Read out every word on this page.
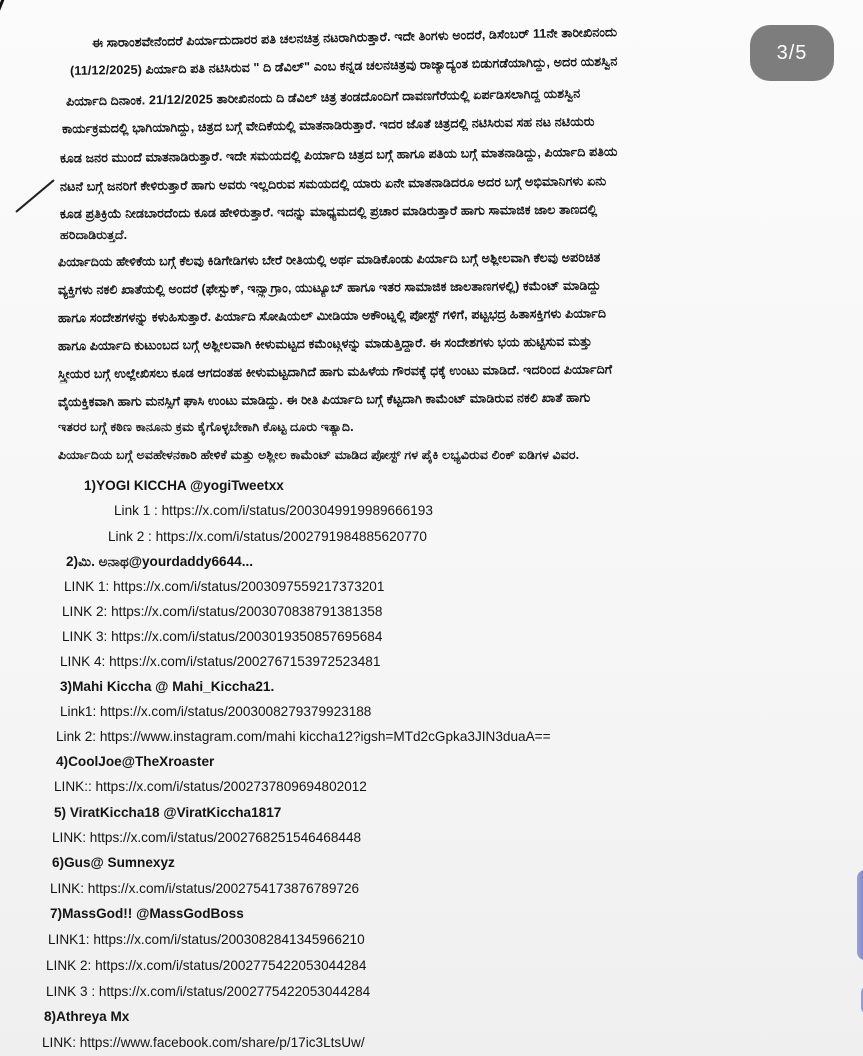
ಈ ಸಾರಾಂಶವೇನೆಂದರೆ ಪಿರ್ಯಾದುದಾರರ ಪತಿ ಚಲನಚಿತ್ರ ನಟರಾಗಿರುತ್ತಾರೆ. ಇದೇ ತಿಂಗಳು ಅಂದರೆ, ಡಿಸೆಂಬರ್ 11ನೇ ತಾರೀಖಿನಂದು
(11/12/2025) ಪಿರ್ಯಾದಿ ಪತಿ ನಟಿಸಿರುವ " ದಿ ಡೆವಿಲ್" ಎಂಬ ಕನ್ನಡ ಚಲನಚಿತ್ರವು ರಾಜ್ಯಾದ್ಯಂತ ಬಿಡುಗಡೆಯಾಗಿದ್ದು, ಅದರ ಯಶಸ್ವಿನ
ಪಿರ್ಯಾದಿ ದಿನಾಂಕ. 21/12/2025 ತಾರೀಖಿನಂದು ದಿ ಡೆವಿಲ್ ಚಿತ್ರ ತಂಡದೊಂದಿಗೆ ದಾವಣಗೆರೆಯಲ್ಲಿ ಏರ್ಪಡಿಸಲಾಗಿದ್ದ ಯಶಸ್ವಿನ
ಕಾರ್ಯಕ್ರಮದಲ್ಲಿ ಭಾಗಿಯಾಗಿದ್ದು, ಚಿತ್ರದ ಬಗ್ಗೆ ವೇದಿಕೆಯಲ್ಲಿ ಮಾತನಾಡಿರುತ್ತಾರೆ. ಇದರ ಜೊತೆ ಚಿತ್ರದಲ್ಲಿ ನಟಿಸಿರುವ ಸಹ ನಟ ನಟಿಯರು
ಕೂಡ ಜನರ ಮುಂದೆ ಮಾತನಾಡಿರುತ್ತಾರೆ. ಇದೇ ಸಮಯದಲ್ಲಿ ಪಿರ್ಯಾದಿ ಚಿತ್ರದ ಬಗ್ಗೆ ಹಾಗೂ ಪತಿಯ ಬಗ್ಗೆ ಮಾತನಾಡಿದ್ದು, ಪಿರ್ಯಾದಿ ಪತಿಯ
ನಟನೆ ಬಗ್ಗೆ ಜನರಿಗೆ ಕೇಳಿರುತ್ತಾರೆ ಹಾಗು ಅವರು ಇಲ್ಲದಿರುವ ಸಮಯದಲ್ಲಿ ಯಾರು ಏನೇ ಮಾತನಾಡಿದರೂ ಅದರ ಬಗ್ಗೆ ಅಭಿಮಾನಿಗಳು ಏನು
ಕೂಡ ಪ್ರತಿಕ್ರಿಯೆ ನೀಡಬಾರದೆಂದು ಕೂಡ ಹೇಳಿರುತ್ತಾರೆ. ಇದನ್ನು ಮಾಧ್ಯಮದಲ್ಲಿ ಪ್ರಚಾರ ಮಾಡಿರುತ್ತಾರೆ ಹಾಗು ಸಾಮಾಜಿಕ ಜಾಲ ತಾಣದಲ್ಲಿ
ಹರಿದಾಡಿರುತ್ತದೆ.
ಪಿರ್ಯಾದಿಯ ಹೇಳಿಕೆಯ ಬಗ್ಗೆ ಕೆಲವು ಕಿಡಿಗೇಡಿಗಳು ಬೇರೆ ರೀತಿಯಲ್ಲಿ ಅರ್ಥ ಮಾಡಿಕೊಂಡು ಪಿರ್ಯಾದಿ ಬಗ್ಗೆ ಅಶ್ಲೀಲವಾಗಿ ಕೆಲವು ಅಪರಿಚಿತ
ವ್ಯಕ್ತಿಗಳು ನಕಲಿ ಖಾತೆಯಲ್ಲಿ ಅಂದರೆ (ಫೇಸ್ಬುಕ್, ಇನ್ಸ್ಟಾಗ್ರಾಂ, ಯುಟ್ಯೂಬ್ ಹಾಗೂ ಇತರ ಸಾಮಾಜಿಕ ಜಾಲತಾಣಗಳಲ್ಲಿ) ಕಮೆಂಟ್ ಮಾಡಿದ್ದು
ಹಾಗೂ ಸಂದೇಶಗಳನ್ನು ಕಳುಹಿಸುತ್ತಾರೆ. ಪಿರ್ಯಾದಿ ಸೋಷಿಯಲ್ ಮೀಡಿಯಾ ಅಕೌಂಟ್ನಲ್ಲಿ ಪೋಸ್ಟ್ ಗಳಿಗೆ, ಪಟ್ಟಭದ್ರ ಹಿತಾಸಕ್ತಿಗಳು ಪಿರ್ಯಾದಿ
ಹಾಗೂ ಪಿರ್ಯಾದಿ ಕುಟುಂಬದ ಬಗ್ಗೆ ಅಶ್ಲೀಲವಾಗಿ ಕೀಳುಮಟ್ಟದ ಕಮೆಂಟ್ಗಳನ್ನು ಮಾಡುತ್ತಿದ್ದಾರೆ. ಈ ಸಂದೇಶಗಳು ಭಯ ಹುಟ್ಟಿಸುವ ಮತ್ತು
ಸ್ತ್ರೀಯರ ಬಗ್ಗೆ ಉಲ್ಲೇಖಿಸಲು ಕೂಡ ಆಗದಂತಹ ಕೀಳುಮಟ್ಟದಾಗಿದೆ ಹಾಗು ಮಹಿಳೆಯ ಗೌರವಕ್ಕೆ ಧಕ್ಕೆ ಉಂಟು ಮಾಡಿದೆ. ಇದರಿಂದ ಪಿರ್ಯಾದಿಗೆ
ವೈಯಕ್ತಿಕವಾಗಿ ಹಾಗು ಮನಸ್ಸಿಗೆ ಘಾಸಿ ಉಂಟು ಮಾಡಿದ್ದು. ಈ ರೀತಿ ಪಿರ್ಯಾದಿ ಬಗ್ಗೆ ಕೆಟ್ಟದಾಗಿ ಕಾಮೆಂಟ್ ಮಾಡಿರುವ ನಕಲಿ ಖಾತೆ ಹಾಗು
ಇತರರ ಬಗ್ಗೆ ಕಠಿಣ ಕಾನೂನು ಕ್ರಮ ಕೈಗೊಳ್ಳಬೇಕಾಗಿ ಕೊಟ್ಟ ದೂರು ಇತ್ಯಾದಿ.
ಪಿರ್ಯಾದಿಯ ಬಗ್ಗೆ ಅವಹೇಳನಕಾರಿ ಹೇಳಿಕೆ ಮತ್ತು ಅಶ್ಲೀಲ ಕಾಮೆಂಟ್ ಮಾಡಿದ ಪೋಸ್ಟ್ ಗಳ ಪೈಕಿ ಲಭ್ಯವಿರುವ ಲಿಂಕ್ ಐಡಿಗಳ ವಿವರ.
1)YOGI KICCHA @yogiTweetxx
Link 1 : https://x.com/i/status/2003049919989666193
Link 2 : https://x.com/i/status/2002791984885620770
2)ಮಿ. ಅನಾಥ@yourdaddy6644...
LINK 1: https://x.com/i/status/2003097559217373201
LINK 2: https://x.com/i/status/2003070838791381358
LINK 3: https://x.com/i/status/2003019350857695684
LINK 4: https://x.com/i/status/2002767153972523481
3)Mahi Kiccha @ Mahi_Kiccha21.
Link1: https://x.com/i/status/2003008279379923188
Link 2: https://www.instagram.com/mahi kiccha12?igsh=MTd2cGpka3JIN3duaA==
4)CoolJoe@TheXroaster
LINK:: https://x.com/i/status/2002737809694802012
5) ViratKiccha18 @ViratKiccha1817
LINK: https://x.com/i/status/2002768251546468448
6)Gus@ Sumnexyz
LINK: https://x.com/i/status/2002754173876789726
7)MassGod!! @MassGodBoss
LINK1: https://x.com/i/status/2003082841345966210
LINK 2: https://x.com/i/status/2002775422053044284
LINK 3 : https://x.com/i/status/2002775422053044284
8)Athreya Mx
LINK: https://www.facebook.com/share/p/17ic3LtsUw/
3/5
